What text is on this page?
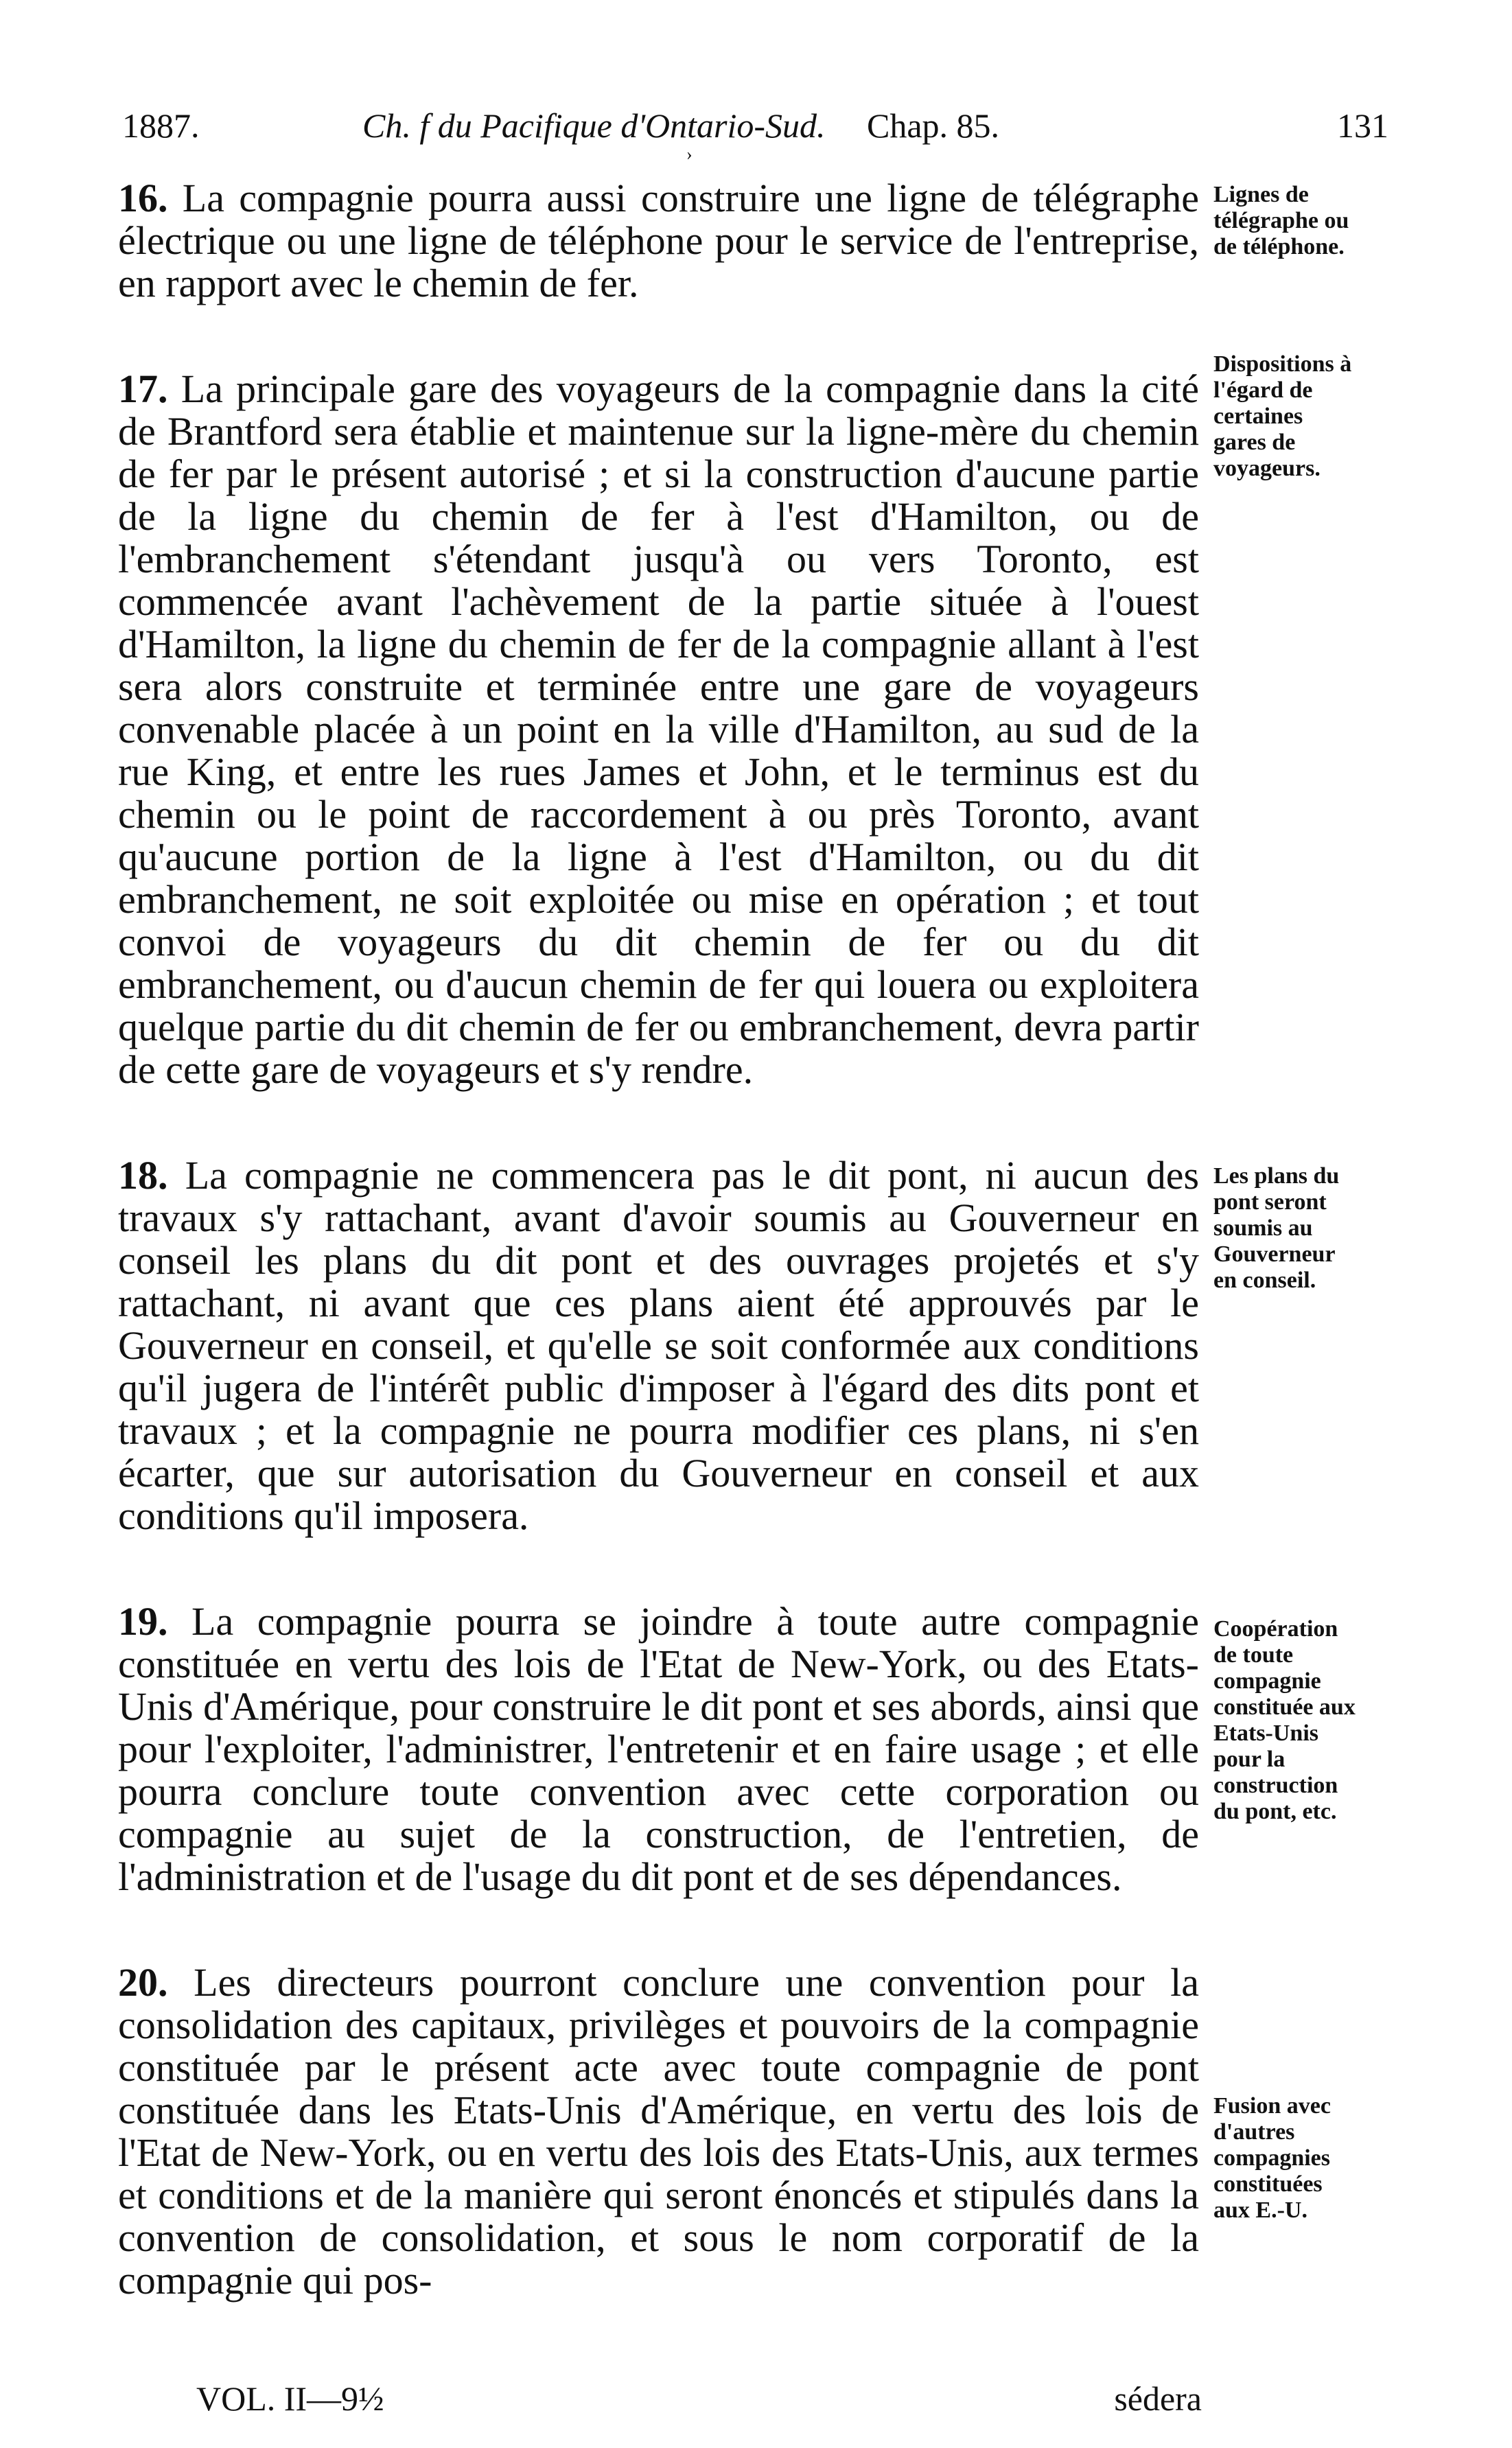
1887.	Ch. f du Pacifique d'Ontario-Sud. Chap. 85.	131
›

16. La compagnie pourra aussi construire une ligne de télégraphe électrique ou une ligne de téléphone pour le service de l'entreprise, en rapport avec le chemin de fer.

17. La principale gare des voyageurs de la compagnie dans la cité de Brantford sera établie et maintenue sur la ligne-mère du chemin de fer par le présent autorisé ; et si la construction d'aucune partie de la ligne du chemin de fer à l'est d'Hamilton, ou de l'embranchement s'étendant jusqu'à ou vers Toronto, est commencée avant l'achèvement de la partie située à l'ouest d'Hamilton, la ligne du chemin de fer de la compagnie allant à l'est sera alors construite et terminée entre une gare de voyageurs convenable placée à un point en la ville d'Hamilton, au sud de la rue King, et entre les rues James et John, et le terminus est du chemin ou le point de raccordement à ou près Toronto, avant qu'aucune portion de la ligne à l'est d'Hamilton, ou du dit embranchement, ne soit exploitée ou mise en opération ; et tout convoi de voyageurs du dit chemin de fer ou du dit embranchement, ou d'aucun chemin de fer qui louera ou exploitera quelque partie du dit chemin de fer ou embranchement, devra partir de cette gare de voyageurs et s'y rendre.

18. La compagnie ne commencera pas le dit pont, ni aucun des travaux s'y rattachant, avant d'avoir soumis au Gouverneur en conseil les plans du dit pont et des ouvrages projetés et s'y rattachant, ni avant que ces plans aient été approuvés par le Gouverneur en conseil, et qu'elle se soit conformée aux conditions qu'il jugera de l'intérêt public d'imposer à l'égard des dits pont et travaux ; et la compagnie ne pourra modifier ces plans, ni s'en écarter, que sur autorisation du Gouverneur en conseil et aux conditions qu'il imposera.

19. La compagnie pourra se joindre à toute autre compagnie constituée en vertu des lois de l'Etat de New-York, ou des Etats-Unis d'Amérique, pour construire le dit pont et ses abords, ainsi que pour l'exploiter, l'administrer, l'entretenir et en faire usage ; et elle pourra conclure toute convention avec cette corporation ou compagnie au sujet de la construction, de l'entretien, de l'administration et de l'usage du dit pont et de ses dépendances.

20. Les directeurs pourront conclure une convention pour la consolidation des capitaux, privilèges et pouvoirs de la compagnie constituée par le présent acte avec toute compagnie de pont constituée dans les Etats-Unis d'Amérique, en vertu des lois de l'Etat de New-York, ou en vertu des lois des Etats-Unis, aux termes et conditions et de la manière qui seront énoncés et stipulés dans la convention de consolidation, et sous le nom corporatif de la compagnie qui pos-

Lignes de télégraphe ou de téléphone.
Dispositions à l'égard de certaines gares de voyageurs.
Les plans du pont seront soumis au Gouverneur en conseil.
Coopération de toute compagnie constituée aux Etats-Unis pour la construction du pont, etc.
Fusion avec d'autres compagnies constituées aux E.-U.
VOL. II—9½	sédera
